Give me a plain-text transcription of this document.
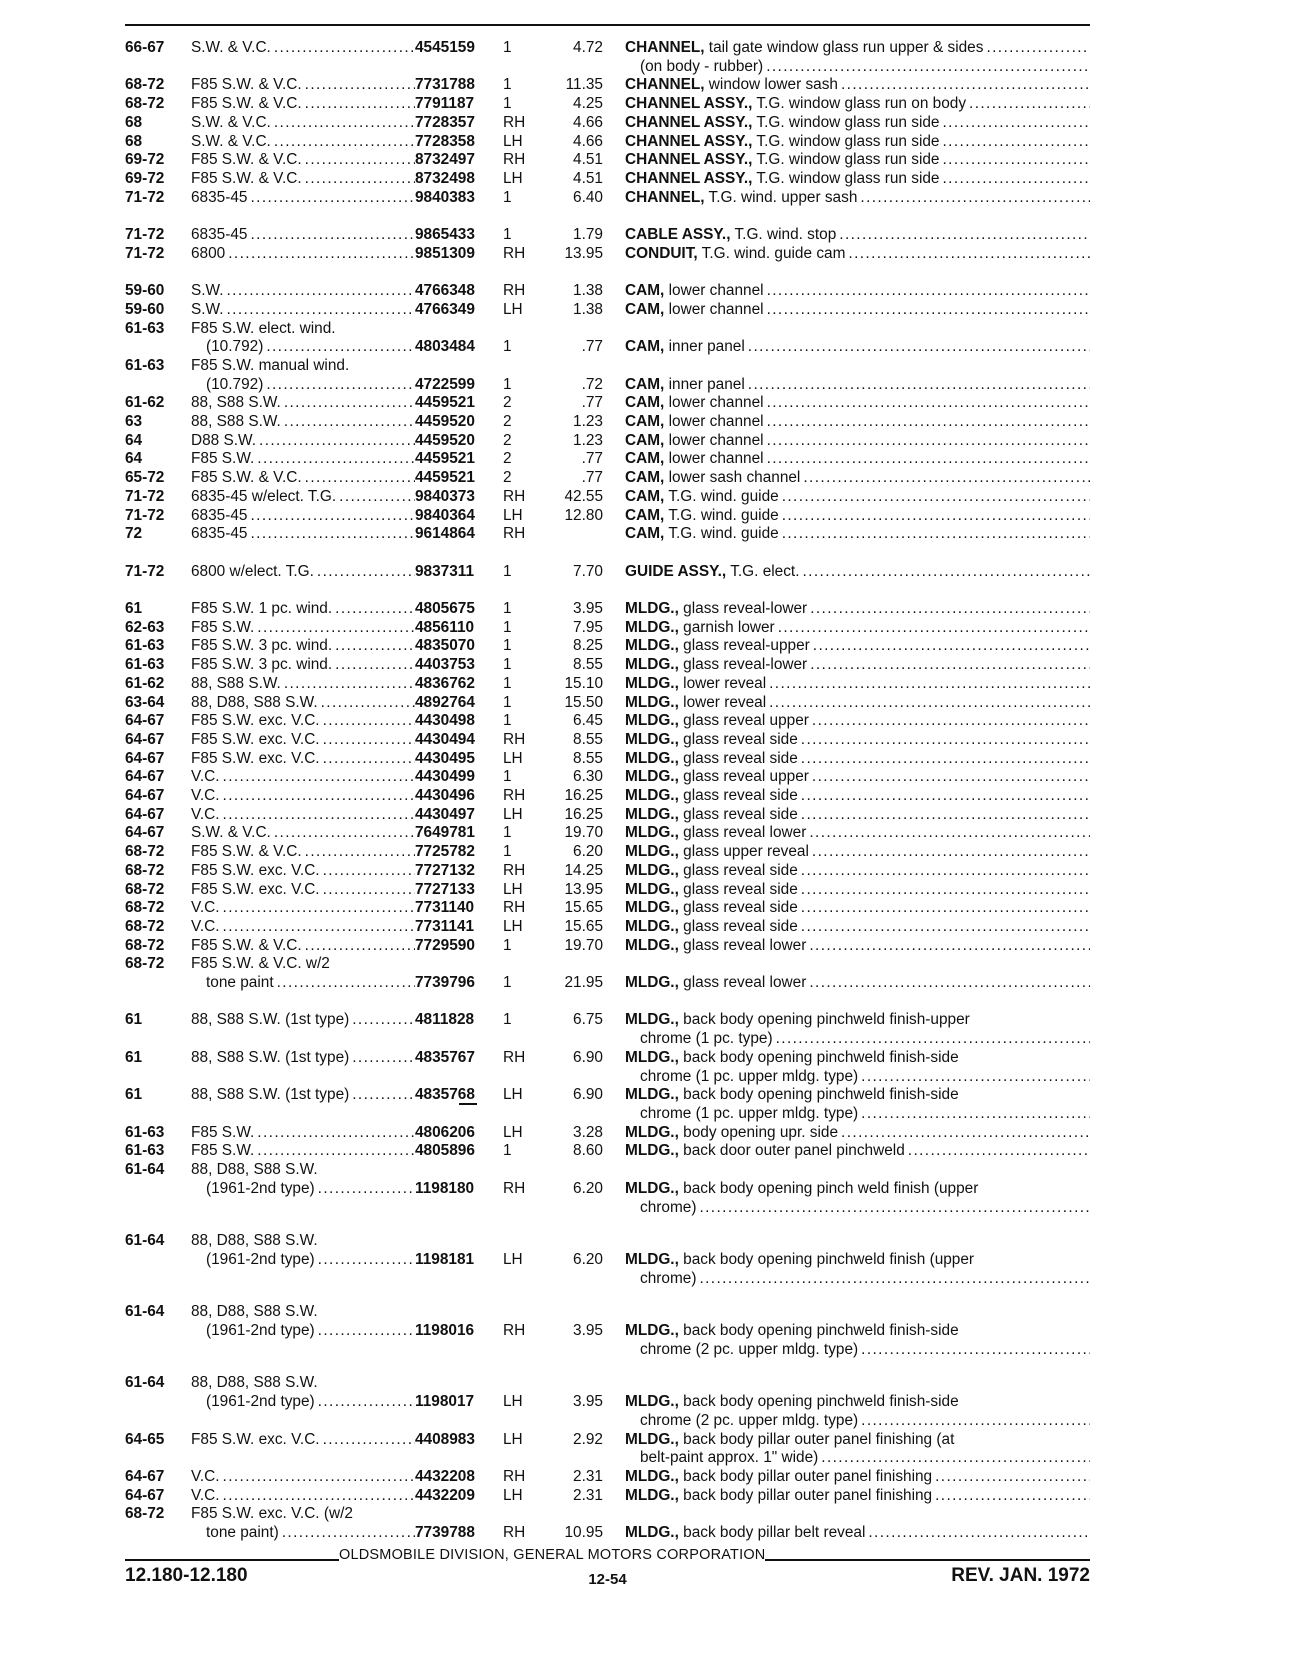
66-67	S.W. & V.C. .....	4545159	1	4.72 CHANNEL, tail gate window glass run upper & sides
.....
(on body - rubber)
.....
68-72	F85 S.W. & V.C. .....	7731788	1	11.35 CHANNEL, window lower sash
.....
68-72	F85 S.W. & V.C. .....	7791187	1	4.25 CHANNEL ASSY., T.G. window glass run on body
.....
68	S.W. & V.C. .....	7728357	RH	4.66 CHANNEL ASSY., T.G. window glass run side
.....
68	S.W. & V.C. .....	7728358	LH	4.66 CHANNEL ASSY., T.G. window glass run side
.....
69-72	F85 S.W. & V.C. .....	8732497	RH	4.51 CHANNEL ASSY., T.G. window glass run side
.....
69-72	F85 S.W. & V.C. .....	8732498	LH	4.51 CHANNEL ASSY., T.G. window glass run side
.....
71-72	6835-45 .....	9840383	1	6.40 CHANNEL, T.G. wind. upper sash
.....
71-72	6835-45 .....	9865433	1	1.79 CABLE ASSY., T.G. wind. stop
.....
71-72	6800 .....	9851309	RH	13.95 CONDUIT, T.G. wind. guide cam
.....
59-60	S.W. .....	4766348	RH	1.38 CAM, lower channel
.....
59-60	S.W. .....	4766349	LH	1.38 CAM, lower channel
.....
61-63	F85 S.W. elect. wind.
(10.792) .....	4803484	1	.77 CAM, inner panel
.....
61-63	F85 S.W. manual wind.
(10.792) .....	4722599	1	.72 CAM, inner panel
.....
61-62	88, S88 S.W. .....	4459521	2	.77 CAM, lower channel
.....
63	88, S88 S.W. .....	4459520	2	1.23 CAM, lower channel
.....
64	D88 S.W. .....	4459520	2	1.23 CAM, lower channel
.....
64	F85 S.W. .....	4459521	2	.77 CAM, lower channel
.....
65-72	F85 S.W. & V.C. .....	4459521	2	.77 CAM, lower sash channel
.....
71-72	6835-45 w/elect. T.G. .....	9840373	RH	42.55 CAM, T.G. wind. guide
.....
71-72	6835-45 .....	9840364	LH	12.80 CAM, T.G. wind. guide
.....
72	6835-45 .....	9614864	RH	CAM, T.G. wind. guide
.....
71-72	6800 w/elect. T.G. .....	9837311	1	7.70 GUIDE ASSY., T.G. elect.
.....
61	F85 S.W. 1 pc. wind. .....	4805675	1	3.95 MLDG., glass reveal-lower
.....
62-63	F85 S.W. .....	4856110	1	7.95 MLDG., garnish lower
.....
61-63	F85 S.W. 3 pc. wind. .....	4835070	1	8.25 MLDG., glass reveal-upper
.....
61-63	F85 S.W. 3 pc. wind. .....	4403753	1	8.55 MLDG., glass reveal-lower
.....
61-62	88, S88 S.W. .....	4836762	1	15.10 MLDG., lower reveal
.....
63-64	88, D88, S88 S.W. .....	4892764	1	15.50 MLDG., lower reveal
.....
64-67	F85 S.W. exc. V.C. .....	4430498	1	6.45 MLDG., glass reveal upper
.....
64-67	F85 S.W. exc. V.C. .....	4430494	RH	8.55 MLDG., glass reveal side
.....
64-67	F85 S.W. exc. V.C. .....	4430495	LH	8.55 MLDG., glass reveal side
.....
64-67	V.C. .....	4430499	1	6.30 MLDG., glass reveal upper
.....
64-67	V.C. .....	4430496	RH	16.25 MLDG., glass reveal side
.....
64-67	V.C. .....	4430497	LH	16.25 MLDG., glass reveal side
.....
64-67	S.W. & V.C. .....	7649781	1	19.70 MLDG., glass reveal lower
.....
68-72	F85 S.W. & V.C. .....	7725782	1	6.20 MLDG., glass upper reveal
.....
68-72	F85 S.W. exc. V.C. .....	7727132	RH	14.25 MLDG., glass reveal side
.....
68-72	F85 S.W. exc. V.C. .....	7727133	LH	13.95 MLDG., glass reveal side
.....
68-72	V.C. .....	7731140	RH	15.65 MLDG., glass reveal side
.....
68-72	V.C. .....	7731141	LH	15.65 MLDG., glass reveal side
.....
68-72	F85 S.W. & V.C. .....	7729590	1	19.70 MLDG., glass reveal lower
.....
68-72	F85 S.W. & V.C. w/2
tone paint .....	7739796	1	21.95 MLDG., glass reveal lower
.....
61	88, S88 S.W. (1st type) .....	4811828	1	6.75 MLDG., back body opening pinchweld finish-upper
chrome (1 pc. type)
.....
61	88, S88 S.W. (1st type) .....	4835767	RH	6.90 MLDG., back body opening pinchweld finish-side
chrome (1 pc. upper mldg. type)
.....
61	88, S88 S.W. (1st type) .....	4835768	LH	6.90 MLDG., back body opening pinchweld finish-side
chrome (1 pc. upper mldg. type)
.....
61-63	F85 S.W. .....	4806206	LH	3.28 MLDG., body opening upr. side
.....
61-63	F85 S.W. .....	4805896	1	8.60 MLDG., back door outer panel pinchweld
.....
61-64	88, D88, S88 S.W.
(1961-2nd type) .....	1198180	RH	6.20 MLDG., back body opening pinch weld finish (upper
chrome)
.....
61-64	88, D88, S88 S.W.
(1961-2nd type) .....	1198181	LH	6.20 MLDG., back body opening pinchweld finish (upper
chrome)
.....
61-64	88, D88, S88 S.W.
(1961-2nd type) .....	1198016	RH	3.95 MLDG., back body opening pinchweld finish-side
chrome (2 pc. upper mldg. type)
.....
61-64	88, D88, S88 S.W.
(1961-2nd type) .....	1198017	LH	3.95 MLDG., back body opening pinchweld finish-side
chrome (2 pc. upper mldg. type)
.....
64-65	F85 S.W. exc. V.C. .....	4408983	LH	2.92 MLDG., back body pillar outer panel finishing (at
belt-paint approx. 1" wide)
.....
64-67	V.C. .....	4432208	RH	2.31 MLDG., back body pillar outer panel finishing
.....
64-67	V.C. .....	4432209	LH	2.31 MLDG., back body pillar outer panel finishing
.....
68-72	F85 S.W. exc. V.C. (w/2
tone paint) .....	7739788	RH	10.95 MLDG., back body pillar belt reveal
.....
OLDSMOBILE DIVISION, GENERAL MOTORS CORPORATION
12.180-12.180	12-54	REV. JAN. 1972
